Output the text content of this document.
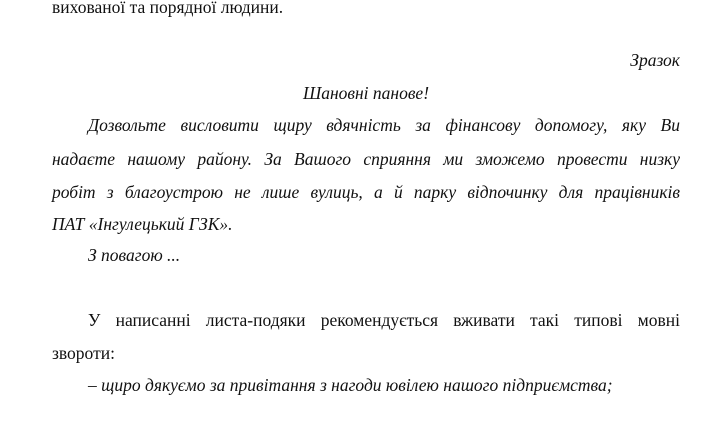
вихованої та порядної людини.
Зразок
Шановні панове!
Дозвольте висловити щиру вдячність за фінансову допомогу, яку Ви
надаєте нашому району. За Вашого сприяння ми зможемо провести низку
робіт з благоустрою не лише вулиць, а й парку відпочинку для працівників
ПАТ «Інгулецький ГЗК».
З повагою ...
У написанні листа-подяки рекомендується вживати такі типові мовні
звороти:
– щиро дякуємо за привітання з нагоди ювілею нашого підприємства;
